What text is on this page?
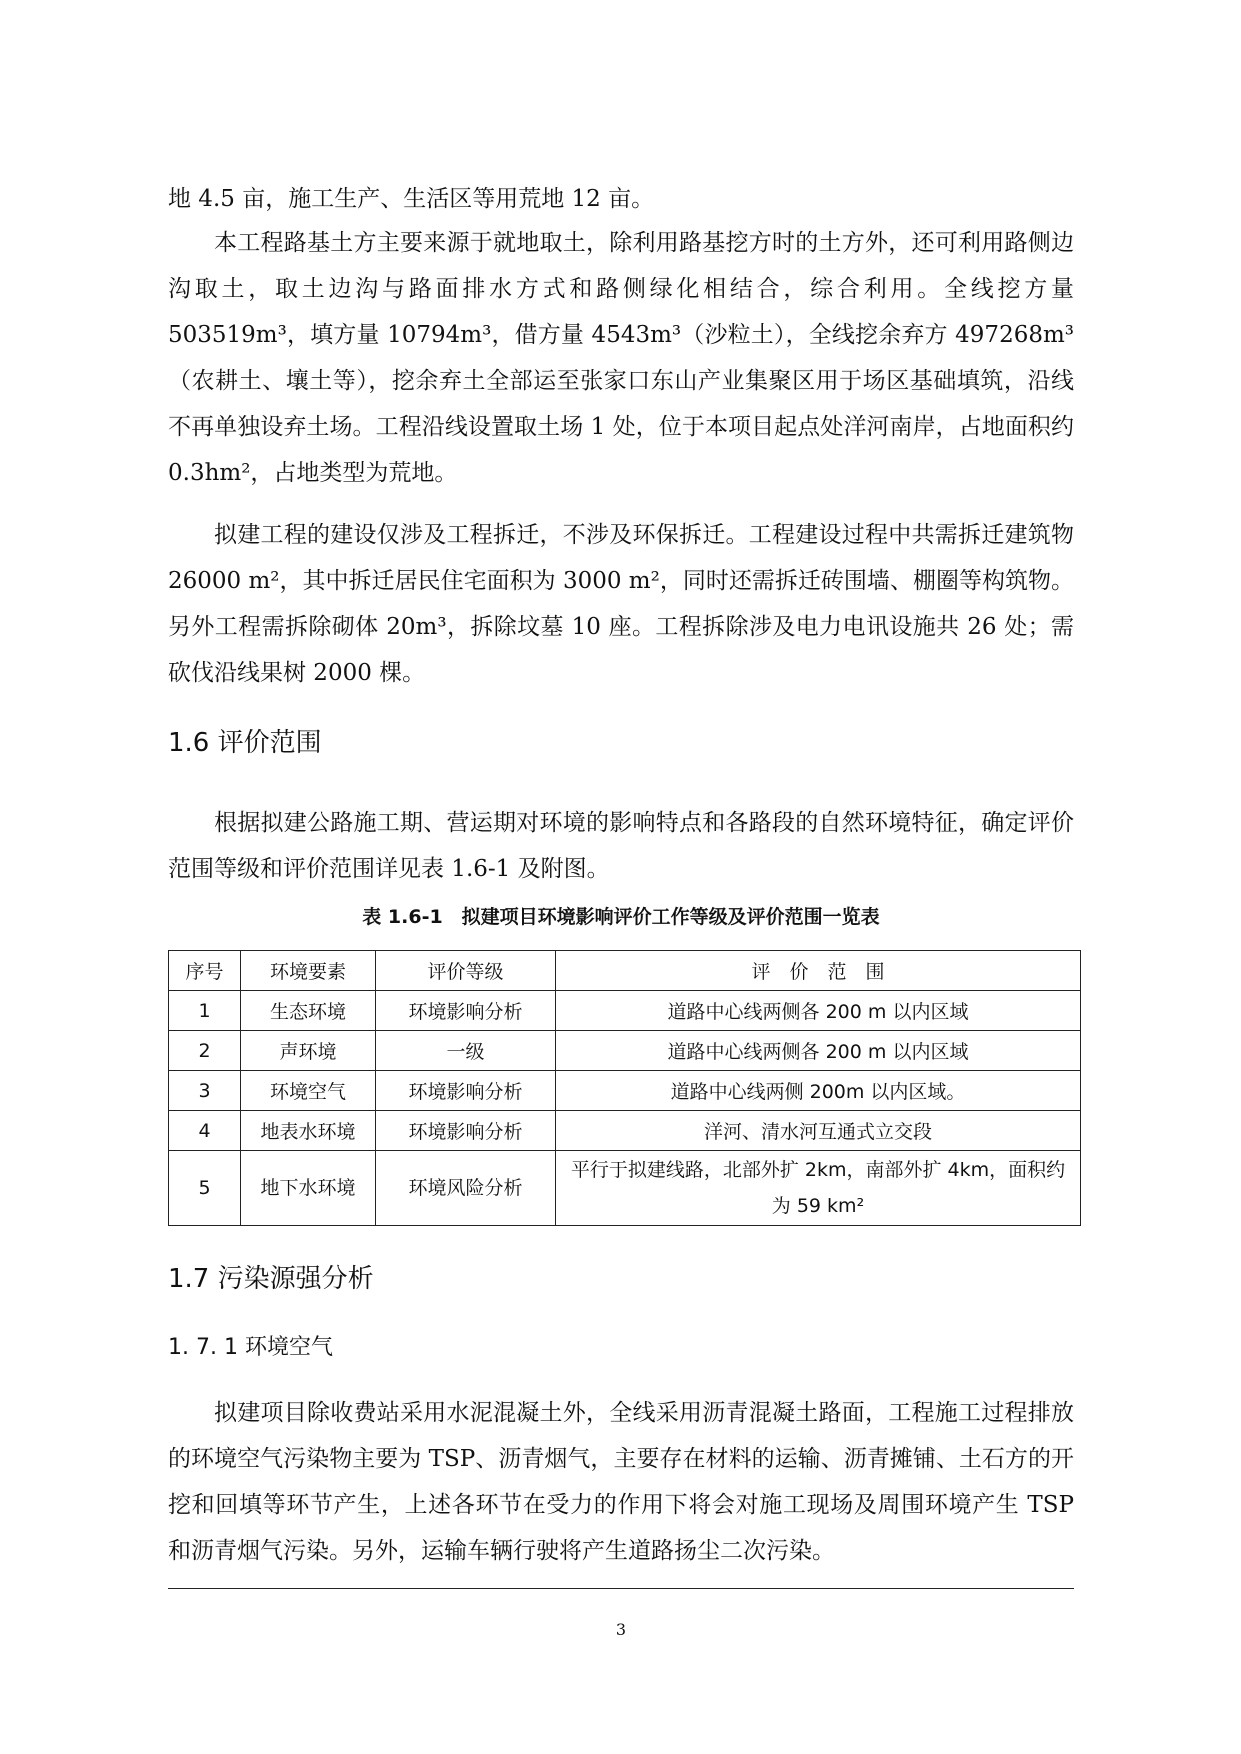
地 4.5 亩，施工生产、生活区等用荒地 12 亩。

本工程路基土方主要来源于就地取土，除利用路基挖方时的土方外，还可利用路侧边沟取土，取土边沟与路面排水方式和路侧绿化相结合，综合利用。全线挖方量 503519m³，填方量 10794m³，借方量 4543m³（沙粒土），全线挖余弃方 497268m³（农耕土、壤土等），挖余弃土全部运至张家口东山产业集聚区用于场区基础填筑，沿线不再单独设弃土场。工程沿线设置取土场 1 处，位于本项目起点处洋河南岸，占地面积约 0.3hm²，占地类型为荒地。

拟建工程的建设仅涉及工程拆迁，不涉及环保拆迁。工程建设过程中共需拆迁建筑物 26000 m²，其中拆迁居民住宅面积为 3000 m²，同时还需拆迁砖围墙、棚圈等构筑物。另外工程需拆除砌体 20m³，拆除坟墓 10 座。工程拆除涉及电力电讯设施共 26 处；需砍伐沿线果树 2000 棵。

1.6 评价范围

根据拟建公路施工期、营运期对环境的影响特点和各路段的自然环境特征，确定评价范围等级和评价范围详见表 1.6-1 及附图。

表 1.6-1　拟建项目环境影响评价工作等级及评价范围一览表
序号	环境要素	评价等级	评　价　范　围
1	生态环境	环境影响分析	道路中心线两侧各 200 m 以内区域
2	声环境	一级	道路中心线两侧各 200 m 以内区域
3	环境空气	环境影响分析	道路中心线两侧 200m 以内区域。
4	地表水环境	环境影响分析	洋河、清水河互通式立交段
5	地下水环境	环境风险分析	平行于拟建线路，北部外扩 2km，南部外扩 4km，面积约为 59 km²
1.7 污染源强分析
1. 7. 1 环境空气

拟建项目除收费站采用水泥混凝土外，全线采用沥青混凝土路面，工程施工过程排放的环境空气污染物主要为 TSP、沥青烟气，主要存在材料的运输、沥青摊铺、土石方的开挖和回填等环节产生，上述各环节在受力的作用下将会对施工现场及周围环境产生 TSP 和沥青烟气污染。另外，运输车辆行驶将产生道路扬尘二次污染。

3
